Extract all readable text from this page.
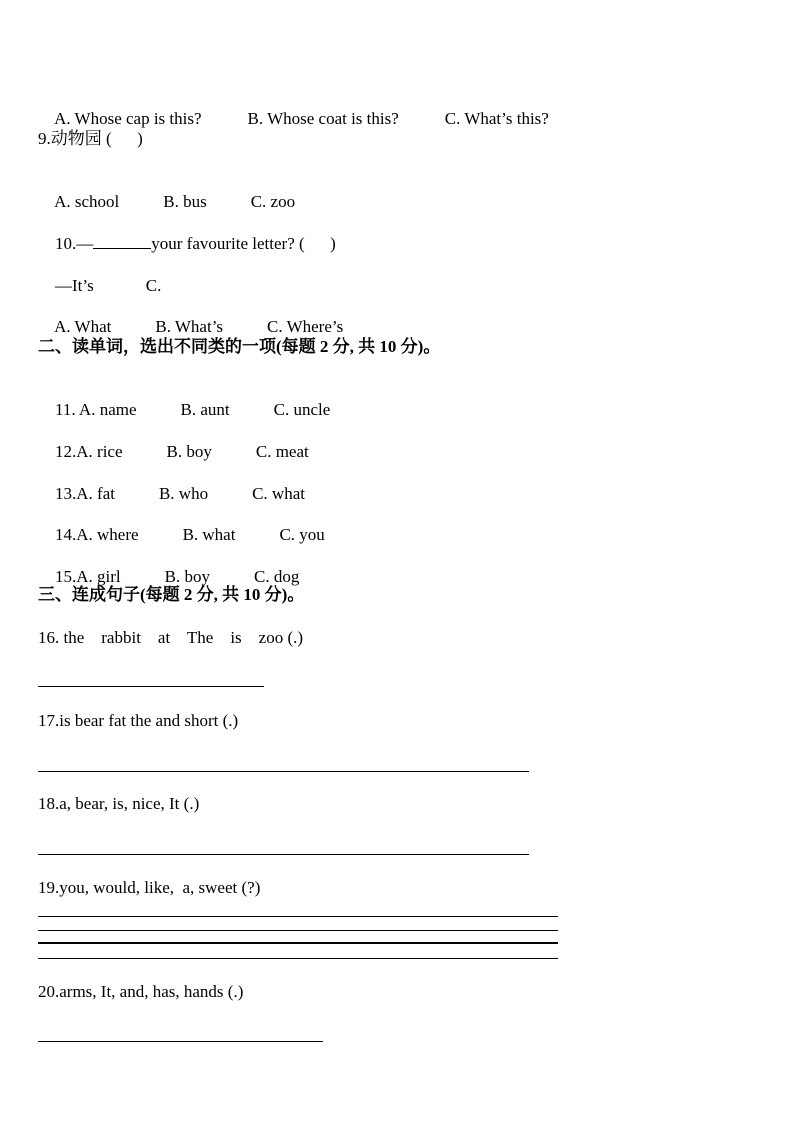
A. Whose cap is this?	B. Whose coat is this?	C. What’s this?

9.动物园 (      )

A. school	B. bus	C. zoo

10.—	your favourite letter? (      )

—It’s	C.

A. What	B. What’s	C. Where’s

二、读单词，选出不同类的一项(每题 2 分, 共 10 分)。

11. A. name	B. aunt	C. uncle

12.A. rice	B. boy	C. meat

13.A. fat	B. who	C. what

14.A. where	B. what	C. you

15.A. girl	B. boy	C. dog

三、连成句子(每题 2 分, 共 10 分)。
16. the    rabbit    at    The    is    zoo (.)
17.is bear fat the and short (.)
18.a, bear, is, nice, It (.)
19.you, would, like,  a, sweet (?)
20.arms, It, and, has, hands (.)
